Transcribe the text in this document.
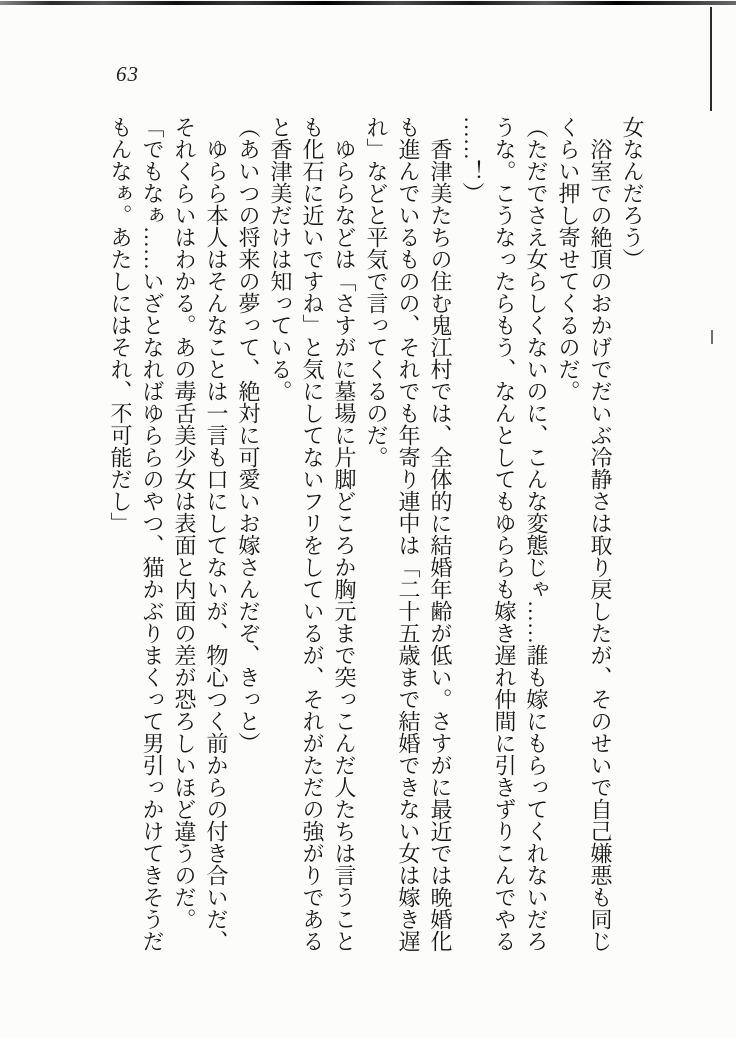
63

女なんだろう）

浴室での絶頂のおかげでだいぶ冷静さは取り戻したが、そのせいで自己嫌悪も同じ

くらい押し寄せてくるのだ。

（ただでさえ女らしくないのに、こんな変態じゃ……誰も嫁にもらってくれないだろ

うな。こうなったらもう、なんとしてもゆららも嫁き遅れ仲間に引きずりこんでやる

……！）

香津美たちの住む鬼江村では、全体的に結婚年齢が低い。さすがに最近では晩婚化

も進んでいるものの、それでも年寄り連中は「二十五歳まで結婚できない女は嫁き遅

れ」などと平気で言ってくるのだ。

ゆららなどは「さすがに墓場に片脚どころか胸元まで突っこんだ人たちは言うこと

も化石に近いですね」と気にしてないフリをしているが、それがただの強がりである

と香津美だけは知っている。

（あいつの将来の夢って、絶対に可愛いお嫁さんだぞ、きっと）

ゆらら本人はそんなことは一言も口にしてないが、物心つく前からの付き合いだ、

それくらいはわかる。あの毒舌美少女は表面と内面の差が恐ろしいほど違うのだ。

「でもなぁ……いざとなればゆららのやつ、猫かぶりまくって男引っかけてきそうだ

もんなぁ。あたしにはそれ、不可能だし」
